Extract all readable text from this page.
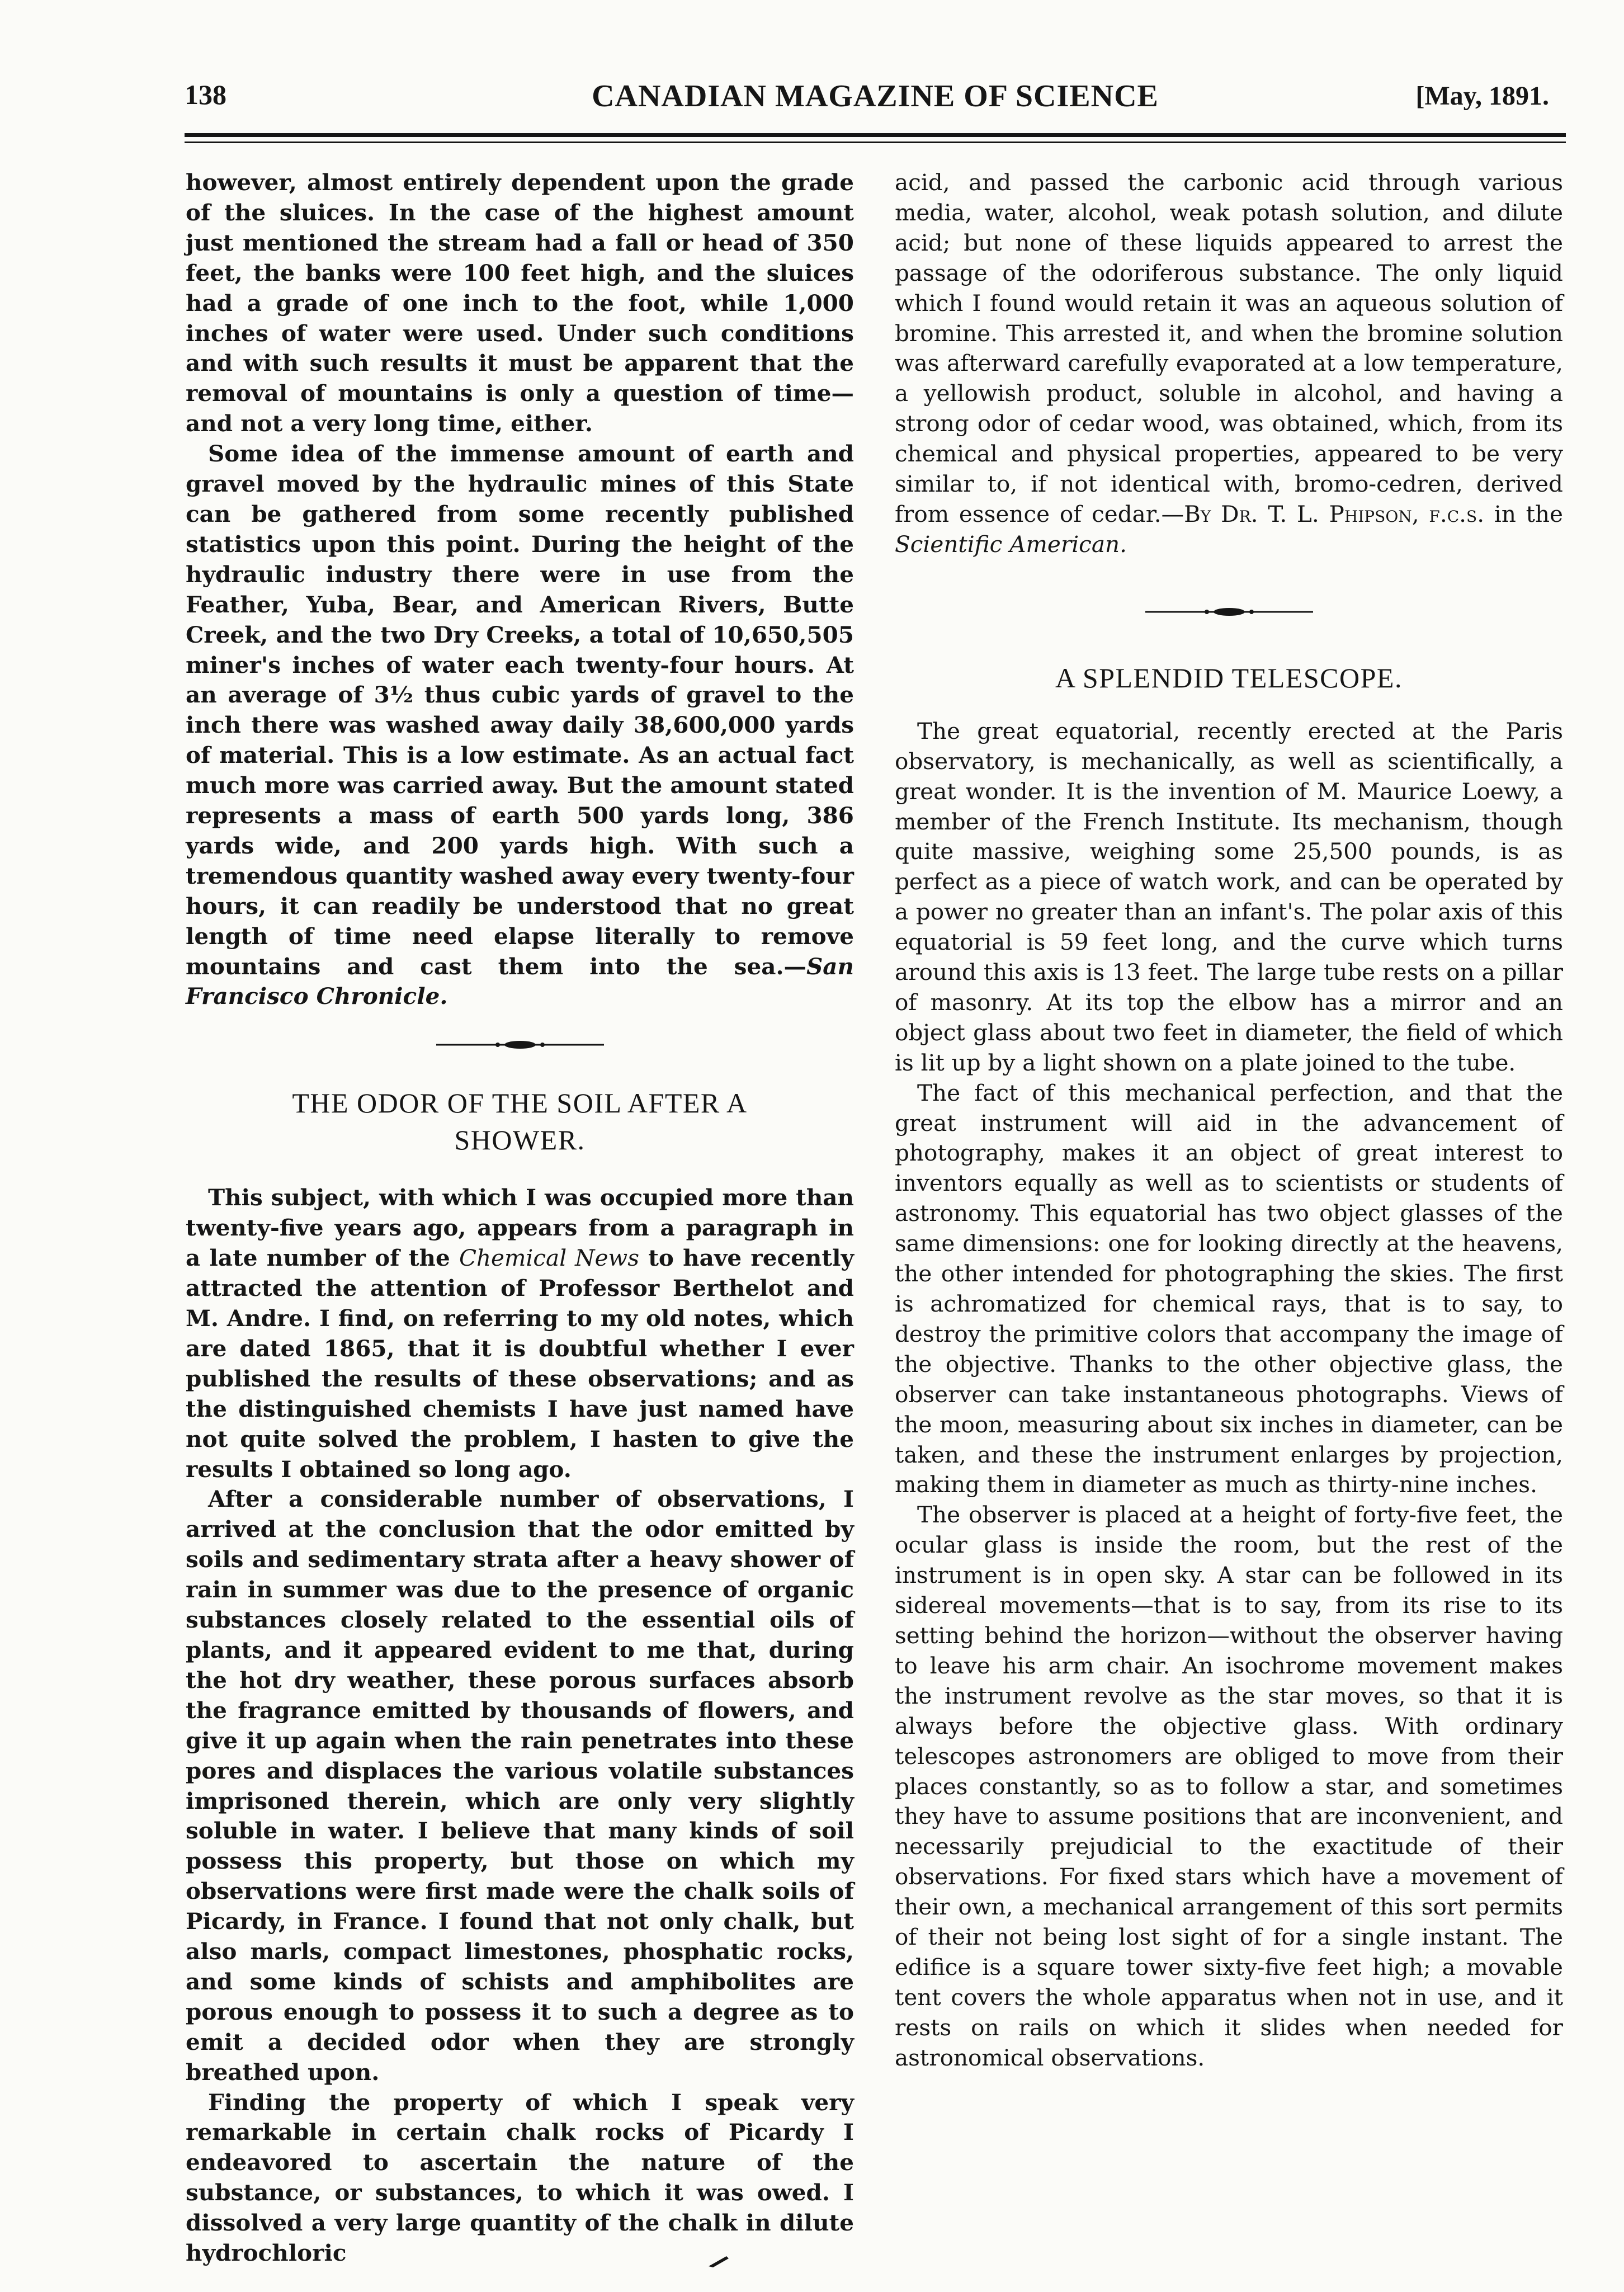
138	CANADIAN MAGAZINE OF SCIENCE	[May, 1891.

however, almost entirely dependent upon the grade of the sluices. In the case of the highest amount just mentioned the stream had a fall or head of 350 feet, the banks were 100 feet high, and the sluices had a grade of one inch to the foot, while 1,000 inches of water were used. Under such conditions and with such results it must be apparent that the removal of mountains is only a question of time—and not a very long time, either.

Some idea of the immense amount of earth and gravel moved by the hydraulic mines of this State can be gathered from some recently published statistics upon this point. During the height of the hydraulic industry there were in use from the Feather, Yuba, Bear, and American Rivers, Butte Creek, and the two Dry Creeks, a total of 10,650,505 miner's inches of water each twenty-four hours. At an average of 3½ thus cubic yards of gravel to the inch there was washed away daily 38,600,000 yards of material. This is a low estimate. As an actual fact much more was carried away. But the amount stated represents a mass of earth 500 yards long, 386 yards wide, and 200 yards high. With such a tremendous quantity washed away every twenty-four hours, it can readily be understood that no great length of time need elapse literally to remove mountains and cast them into the sea.—San Francisco Chronicle.

THE ODOR OF THE SOIL AFTER A

SHOWER.

This subject, with which I was occupied more than twenty-five years ago, appears from a paragraph in a late number of the Chemical News to have recently attracted the attention of Professor Berthelot and M. Andre. I find, on referring to my old notes, which are dated 1865, that it is doubtful whether I ever published the results of these observations; and as the distinguished chemists I have just named have not quite solved the problem, I hasten to give the results I obtained so long ago.

After a considerable number of observations, I arrived at the conclusion that the odor emitted by soils and sedimentary strata after a heavy shower of rain in summer was due to the presence of organic substances closely related to the essential oils of plants, and it appeared evident to me that, during the hot dry weather, these porous surfaces absorb the fragrance emitted by thousands of flowers, and give it up again when the rain penetrates into these pores and displaces the various volatile substances imprisoned therein, which are only very slightly soluble in water. I believe that many kinds of soil possess this property, but those on which my observations were first made were the chalk soils of Picardy, in France. I found that not only chalk, but also marls, compact limestones, phosphatic rocks, and some kinds of schists and amphibolites are porous enough to possess it to such a degree as to emit a decided odor when they are strongly breathed upon.

Finding the property of which I speak very remarkable in certain chalk rocks of Picardy I endeavored to ascertain the nature of the substance, or substances, to which it was owed. I dissolved a very large quantity of the chalk in dilute hydrochloric

acid, and passed the carbonic acid through various media, water, alcohol, weak potash solution, and dilute acid; but none of these liquids appeared to arrest the passage of the odoriferous substance. The only liquid which I found would retain it was an aqueous solution of bromine. This arrested it, and when the bromine solution was afterward carefully evaporated at a low temperature, a yellowish product, soluble in alcohol, and having a strong odor of cedar wood, was obtained, which, from its chemical and physical properties, appeared to be very similar to, if not identical with, bromo-cedren, derived from essence of cedar.—By Dr. T. L. Phipson, f.c.s. in the Scientific American.

A SPLENDID TELESCOPE.

The great equatorial, recently erected at the Paris observatory, is mechanically, as well as scientifically, a great wonder. It is the invention of M. Maurice Loewy, a member of the French Institute. Its mechanism, though quite massive, weighing some 25,500 pounds, is as perfect as a piece of watch work, and can be operated by a power no greater than an infant's. The polar axis of this equatorial is 59 feet long, and the curve which turns around this axis is 13 feet. The large tube rests on a pillar of masonry. At its top the elbow has a mirror and an object glass about two feet in diameter, the field of which is lit up by a light shown on a plate joined to the tube.

The fact of this mechanical perfection, and that the great instrument will aid in the advancement of photography, makes it an object of great interest to inventors equally as well as to scientists or students of astronomy. This equatorial has two object glasses of the same dimensions: one for looking directly at the heavens, the other intended for photographing the skies. The first is achromatized for chemical rays, that is to say, to destroy the primitive colors that accompany the image of the objective. Thanks to the other objective glass, the observer can take instantaneous photographs. Views of the moon, measuring about six inches in diameter, can be taken, and these the instrument enlarges by projection, making them in diameter as much as thirty-nine inches.

The observer is placed at a height of forty-five feet, the ocular glass is inside the room, but the rest of the instrument is in open sky. A star can be followed in its sidereal movements—that is to say, from its rise to its setting behind the horizon—without the observer having to leave his arm chair. An isochrome movement makes the instrument revolve as the star moves, so that it is always before the objective glass. With ordinary telescopes astronomers are obliged to move from their places constantly, so as to follow a star, and sometimes they have to assume positions that are inconvenient, and necessarily prejudicial to the exactitude of their observations. For fixed stars which have a movement of their own, a mechanical arrangement of this sort permits of their not being lost sight of for a single instant. The edifice is a square tower sixty-five feet high; a movable tent covers the whole apparatus when not in use, and it rests on rails on which it slides when needed for astronomical observations.
